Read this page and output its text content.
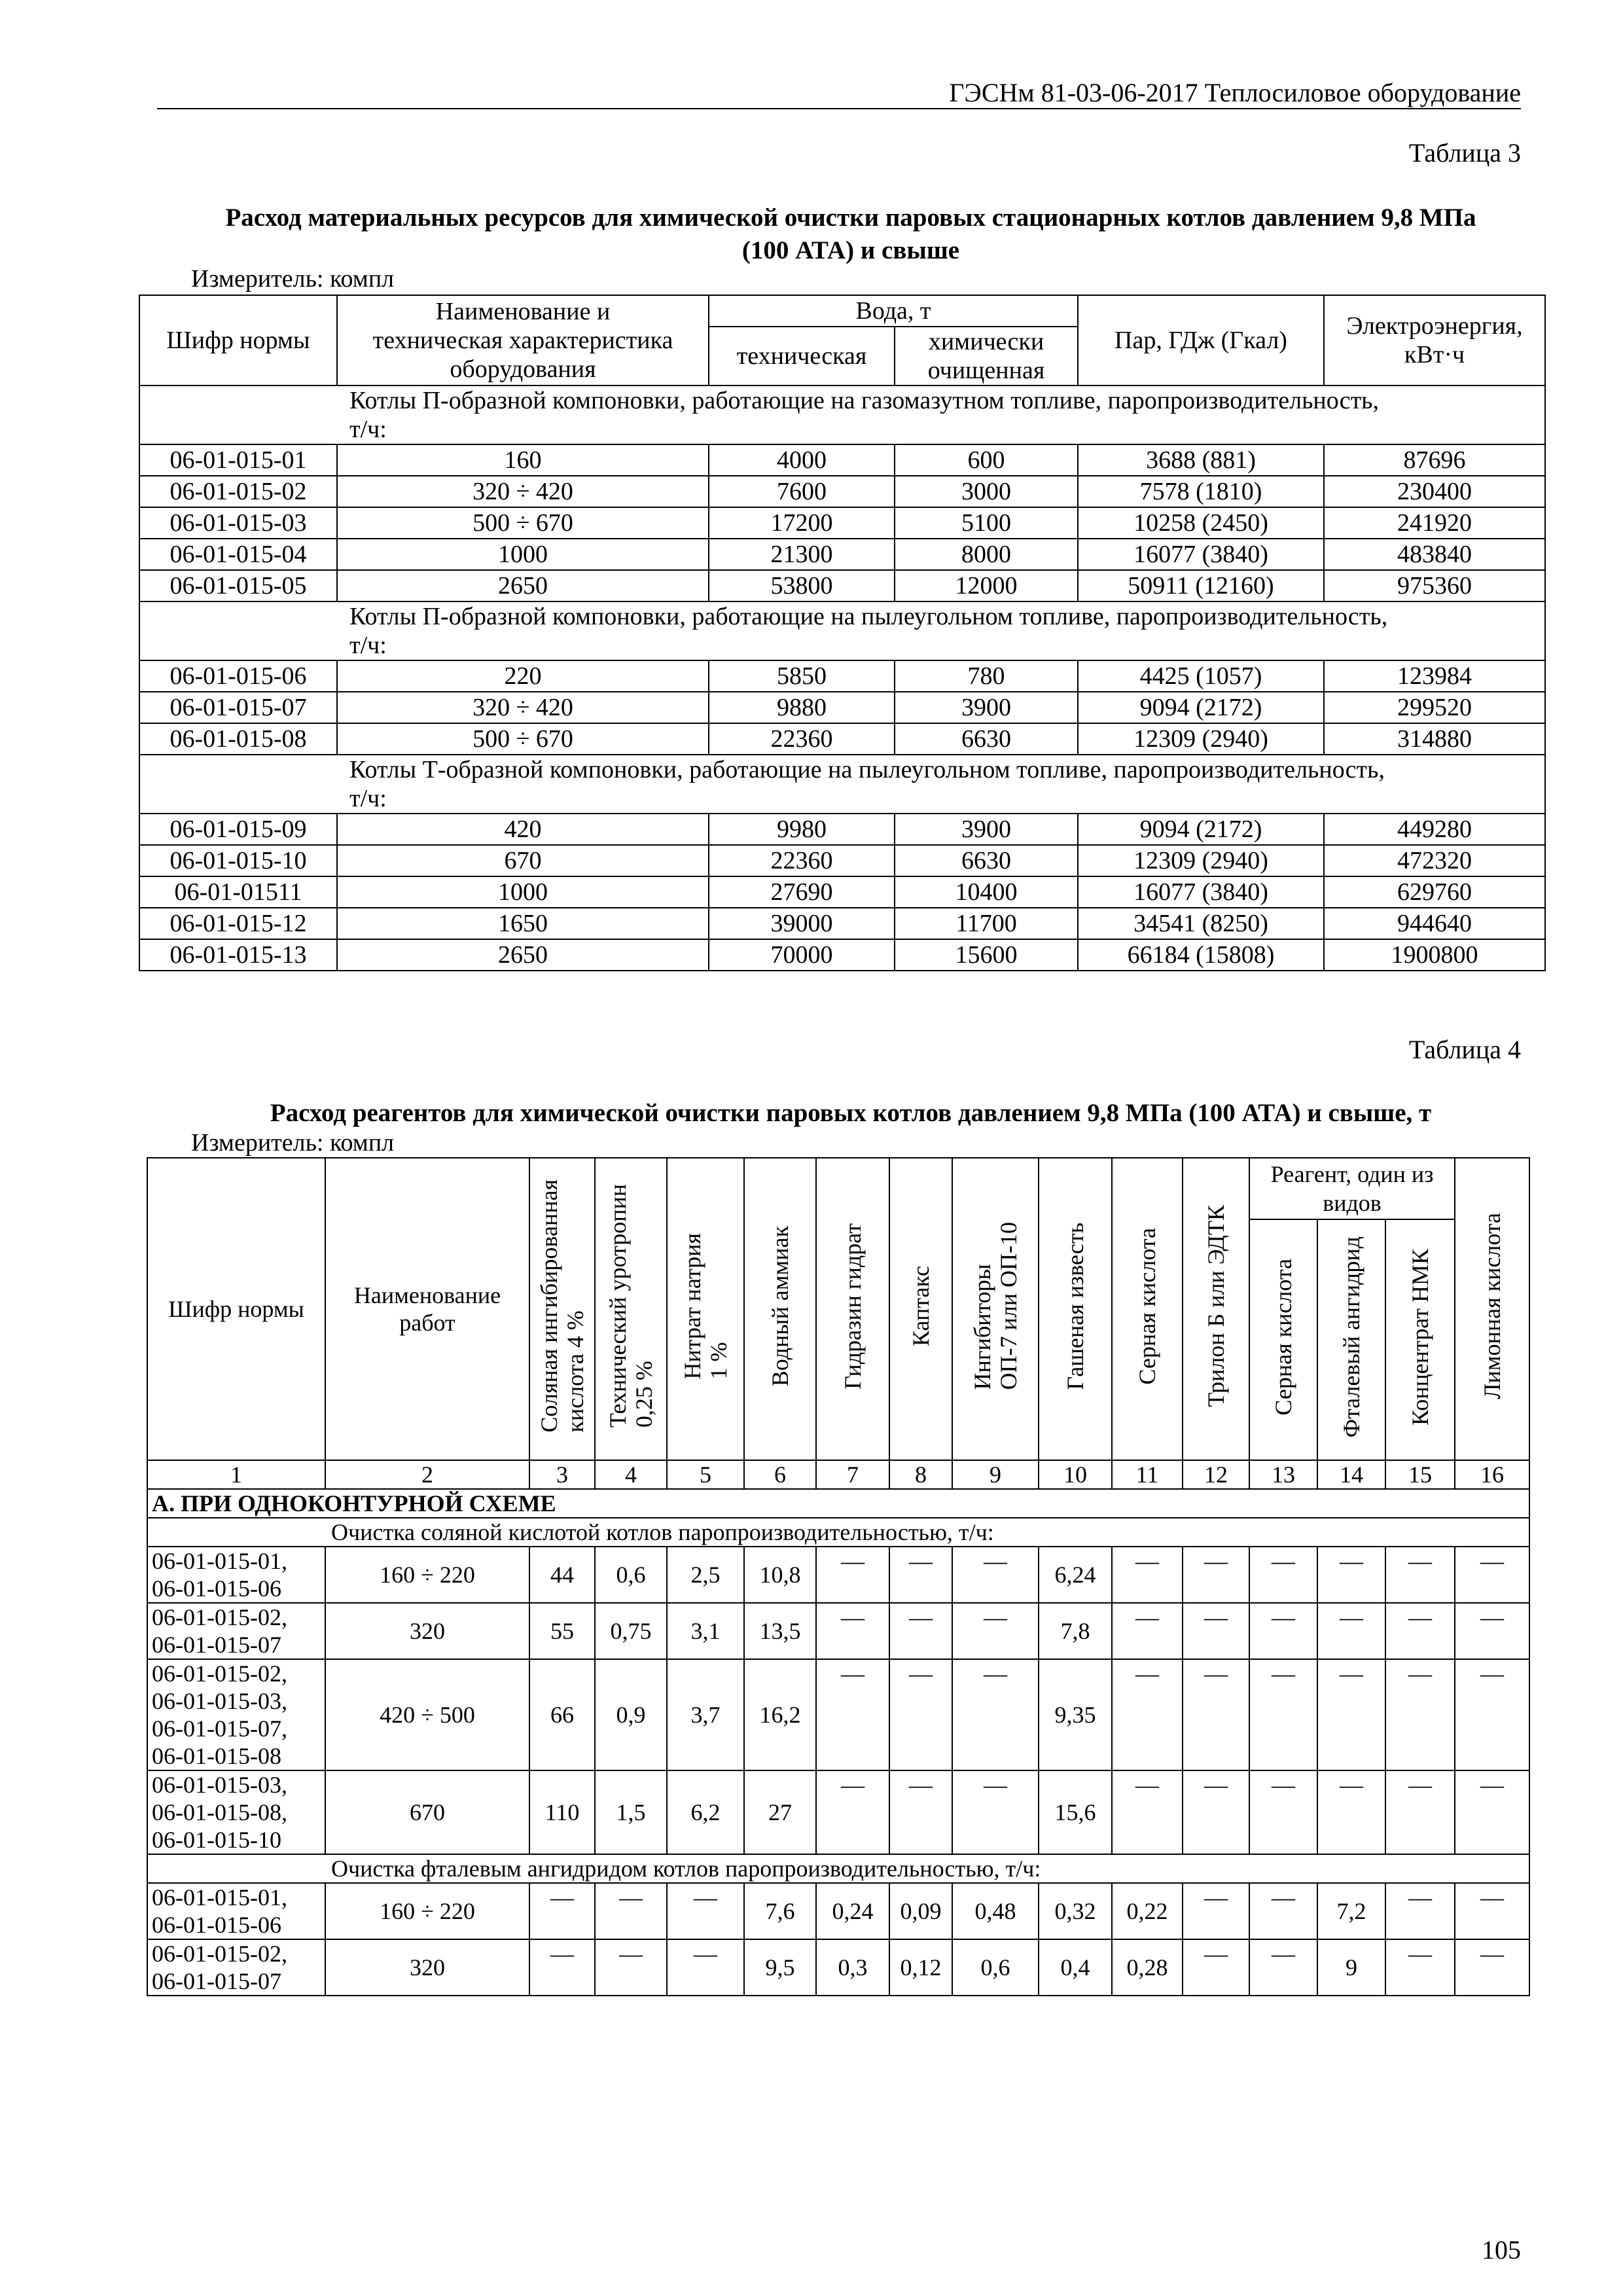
ГЭСНм 81-03-06-2017 Теплосиловое оборудование
Таблица 3
Расход материальных ресурсов для химической очистки паровых стационарных котлов давлением 9,8 МПа
(100 АТА) и свыше
Измеритель: компл
Шифр нормы	Наименование и
техническая характеристика
оборудования	Вода, т		Пар, ГДж (Гкал)	Электроэнергия,
кВт·ч
		техническая	химически
очищенная		
Котлы П-образной компоновки, работающие на газомазутном топливе, паропроизводительность,
т/ч:					
06-01-015-01	160	4000	600	3688 (881)	87696
06-01-015-02	320 ÷ 420	7600	3000	7578 (1810)	230400
06-01-015-03	500 ÷ 670	17200	5100	10258 (2450)	241920
06-01-015-04	1000	21300	8000	16077 (3840)	483840
06-01-015-05	2650	53800	12000	50911 (12160)	975360
Котлы П-образной компоновки, работающие на пылеугольном топливе, паропроизводительность,
т/ч:					
06-01-015-06	220	5850	780	4425 (1057)	123984
06-01-015-07	320 ÷ 420	9880	3900	9094 (2172)	299520
06-01-015-08	500 ÷ 670	22360	6630	12309 (2940)	314880
Котлы Т-образной компоновки, работающие на пылеугольном топливе, паропроизводительность,
т/ч:					
06-01-015-09	420	9980	3900	9094 (2172)	449280
06-01-015-10	670	22360	6630	12309 (2940)	472320
06-01-01511	1000	27690	10400	16077 (3840)	629760
06-01-015-12	1650	39000	11700	34541 (8250)	944640
06-01-015-13	2650	70000	15600	66184 (15808)	1900800
Таблица 4
Расход реагентов для химической очистки паровых котлов давлением 9,8 МПа (100 АТА) и свыше, т
Измеритель: компл
Шифр нормы	Наименование
работ	Соляная ингибированная
кислота 4 %	Технический уротропин
0,25 %	Нитрат натрия
1 %	Водный аммиак	Гидразин гидрат	Каптакс	Ингибиторы
ОП-7 или ОП-10	Гашеная известь	Серная кислота	Трилон Б или ЭДТК	Реагент, один из
видов			Лимонная кислота
												Серная кислота	Фталевый ангидрид	Концентрат НМК	
1	2	3	4	5	6	7	8	9	10	11	12	13	14	15	16
А. ПРИ ОДНОКОНТУРНОЙ СХЕМЕ															
Очистка соляной кислотой котлов паропроизводительностью, т/ч:															
06-01-015-01,
06-01-015-06	160 ÷ 220	44	0,6	2,5	10,8	—	—	—	6,24	—	—	—	—	—	—
06-01-015-02,
06-01-015-07	320	55	0,75	3,1	13,5	—	—	—	7,8	—	—	—	—	—	—
06-01-015-02,
06-01-015-03,
06-01-015-07,
06-01-015-08	420 ÷ 500	66	0,9	3,7	16,2	—	—	—	9,35	—	—	—	—	—	—
06-01-015-03,
06-01-015-08,
06-01-015-10	670	110	1,5	6,2	27	—	—	—	15,6	—	—	—	—	—	—
Очистка фталевым ангидридом котлов паропроизводительностью, т/ч:															
06-01-015-01,
06-01-015-06	160 ÷ 220	—	—	—	7,6	0,24	0,09	0,48	0,32	0,22	—	—	7,2	—	—
06-01-015-02,
06-01-015-07	320	—	—	—	9,5	0,3	0,12	0,6	0,4	0,28	—	—	9	—	—
105
